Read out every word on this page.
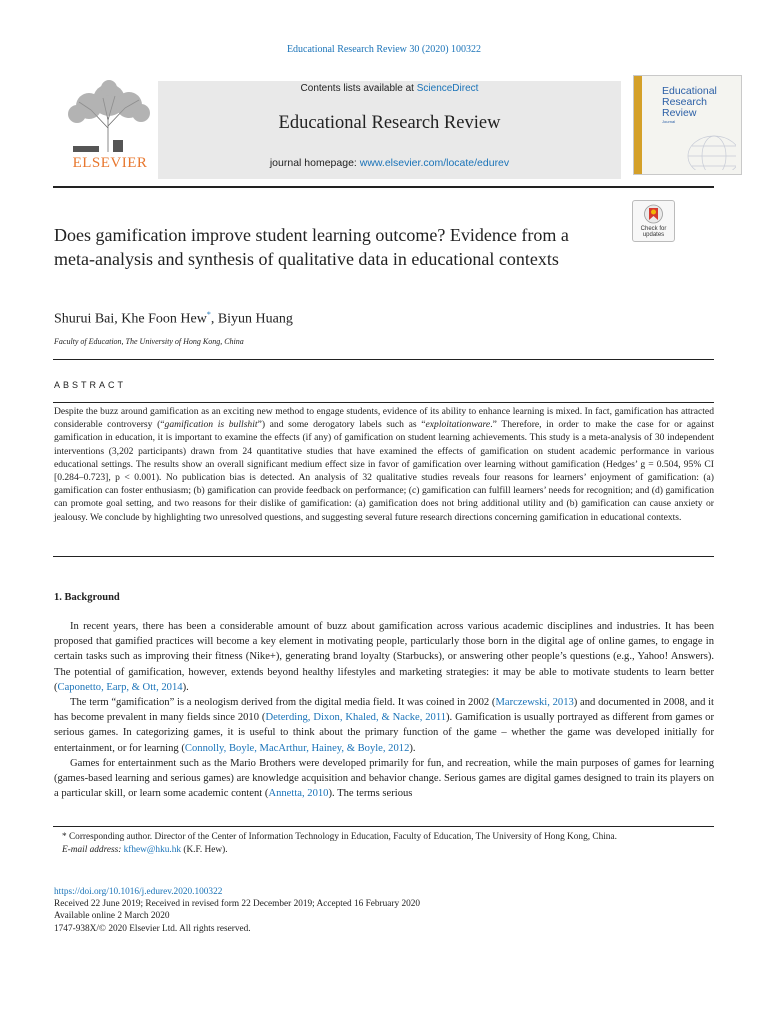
Educational Research Review 30 (2020) 100322
ELSEVIER
Contents lists available at ScienceDirect
Educational Research Review
journal homepage: www.elsevier.com/locate/edurev
Educational Research Review
Journal
Check for updates
Does gamification improve student learning outcome? Evidence from a meta-analysis and synthesis of qualitative data in educational contexts
Shurui Bai, Khe Foon Hew*, Biyun Huang
Faculty of Education, The University of Hong Kong, China
ABSTRACT
Despite the buzz around gamification as an exciting new method to engage students, evidence of its ability to enhance learning is mixed. In fact, gamification has attracted considerable controversy (“gamification is bullshit”) and some derogatory labels such as “exploitationware.” Therefore, in order to make the case for or against gamification in education, it is important to examine the effects (if any) of gamification on student learning achievements. This study is a meta-analysis of 30 independent interventions (3,202 participants) drawn from 24 quantitative studies that have examined the effects of gamification on student academic performance in various educational settings. The results show an overall significant medium effect size in favor of gamification over learning without gamification (Hedges’ g = 0.504, 95% CI [0.284–0.723], p < 0.001). No publication bias is detected. An analysis of 32 qualitative studies reveals four reasons for learners’ enjoyment of gamification: (a) gamification can foster enthusiasm; (b) gamification can provide feedback on performance; (c) gamification can fulfill learners’ needs for recognition; and (d) gamification can promote goal setting, and two reasons for their dislike of gamification: (a) gamification does not bring additional utility and (b) gamification can cause anxiety or jealousy. We conclude by highlighting two unresolved questions, and suggesting several future research directions concerning gamification in educational contexts.
1. Background

In recent years, there has been a considerable amount of buzz about gamification across various academic disciplines and industries. It has been proposed that gamified practices will become a key element in motivating people, particularly those born in the digital age of online games, to engage in certain tasks such as improving their fitness (Nike+), generating brand loyalty (Starbucks), or answering other people’s questions (e.g., Yahoo! Answers). The potential of gamification, however, extends beyond healthy lifestyles and marketing strategies: it may be able to motivate students to learn better (Caponetto, Earp, & Ott, 2014).

The term “gamification” is a neologism derived from the digital media field. It was coined in 2002 (Marczewski, 2013) and documented in 2008, and it has become prevalent in many fields since 2010 (Deterding, Dixon, Khaled, & Nacke, 2011). Gamification is usually portrayed as different from games or serious games. In categorizing games, it is useful to think about the primary function of the game – whether the game was developed initially for entertainment, or for learning (Connolly, Boyle, MacArthur, Hainey, & Boyle, 2012).

Games for entertainment such as the Mario Brothers were developed primarily for fun, and recreation, while the main purposes of games for learning (games-based learning and serious games) are knowledge acquisition and behavior change. Serious games are digital games designed to train its players on a particular skill, or learn some academic content (Annetta, 2010). The terms serious

* Corresponding author. Director of the Center of Information Technology in Education, Faculty of Education, The University of Hong Kong, China.
E-mail address: kfhew@hku.hk (K.F. Hew).
https://doi.org/10.1016/j.edurev.2020.100322
Received 22 June 2019; Received in revised form 22 December 2019; Accepted 16 February 2020
Available online 2 March 2020
1747-938X/© 2020 Elsevier Ltd. All rights reserved.
